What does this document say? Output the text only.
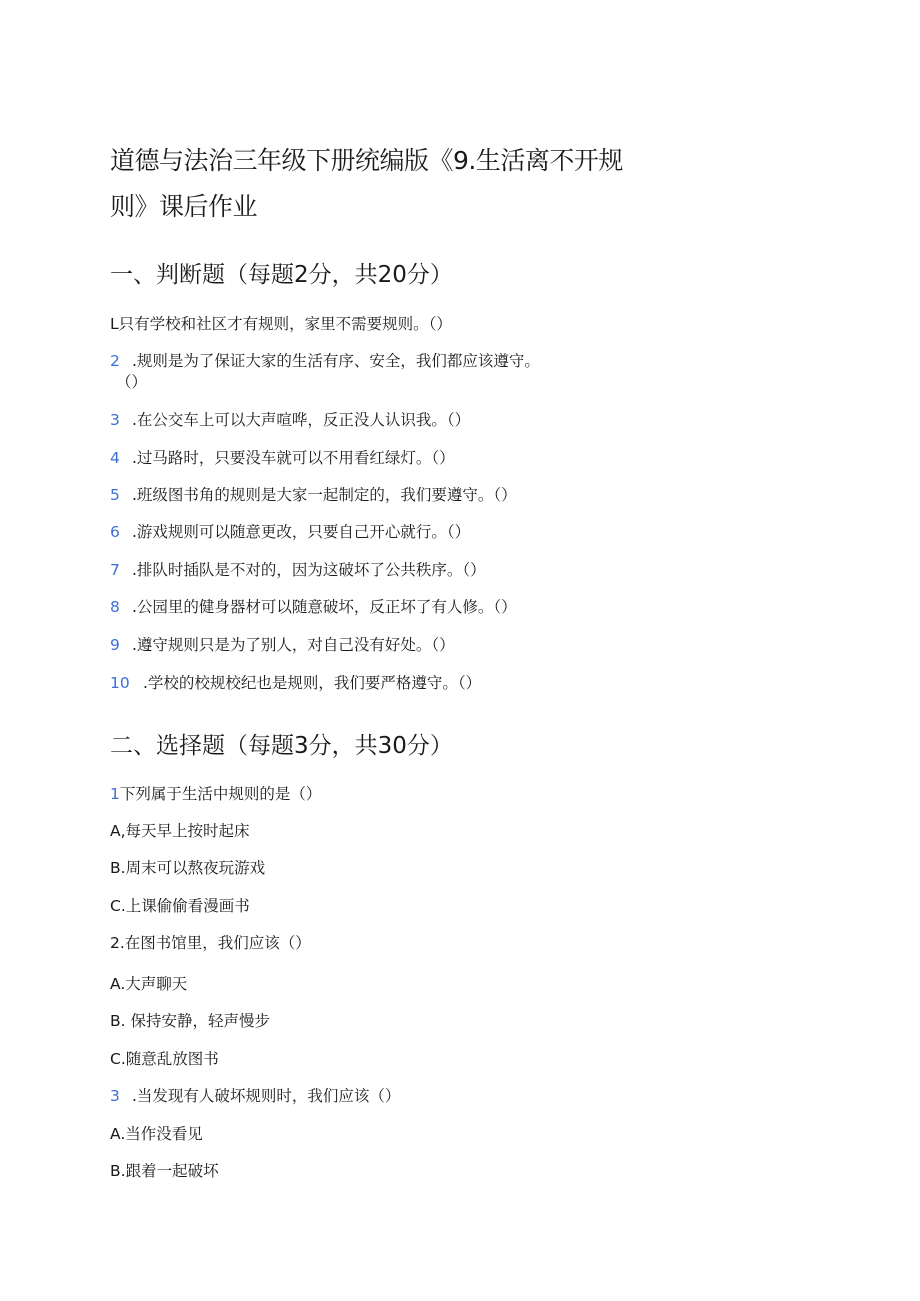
道德与法治三年级下册统编版《9.生活离不开规
则》课后作业
一、判断题（每题2分，共20分）
L只有学校和社区才有规则，家里不需要规则。（）
2 .规则是为了保证大家的生活有序、安全，我们都应该遵守。
（）
3 .在公交车上可以大声喧哗，反正没人认识我。（）
4 .过马路时，只要没车就可以不用看红绿灯。（）
5 .班级图书角的规则是大家一起制定的，我们要遵守。（）
6 .游戏规则可以随意更改，只要自己开心就行。（）
7 .排队时插队是不对的，因为这破坏了公共秩序。（）
8 .公园里的健身器材可以随意破坏，反正坏了有人修。（）
9 .遵守规则只是为了别人，对自己没有好处。（）
10 .学校的校规校纪也是规则，我们要严格遵守。（）
二、选择题（每题3分，共30分）
1下列属于生活中规则的是（）
A,每天早上按时起床
B.周末可以熬夜玩游戏
C.上课偷偷看漫画书
2.在图书馆里，我们应该（）
A.大声聊天
B. 保持安静，轻声慢步
C.随意乱放图书
3 .当发现有人破坏规则时，我们应该（）
A.当作没看见
B.跟着一起破坏
